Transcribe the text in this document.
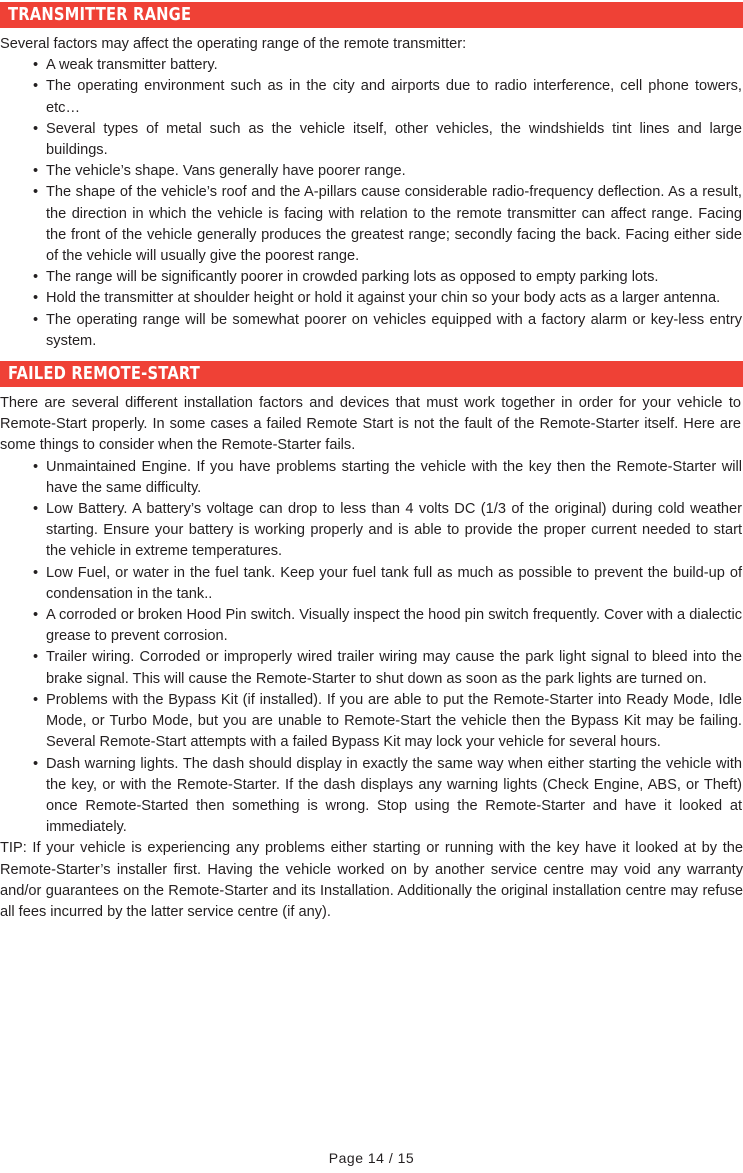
TRANSMITTER RANGE

Several factors may affect the operating range of the remote transmitter:

• A weak transmitter battery.
• The operating environment such as in the city and airports due to radio interference, cell phone towers, etc…
• Several types of metal such as the vehicle itself, other vehicles, the windshields tint lines and large buildings.
• The vehicle’s shape. Vans generally have poorer range.
• The shape of the vehicle’s roof and the A-pillars cause considerable radio-frequency deflection. As a result, the direction in which the vehicle is facing with relation to the remote transmitter can affect range. Facing the front of the vehicle generally produces the greatest range; secondly facing the back. Facing either side of the vehicle will usually give the poorest range.
• The range will be significantly poorer in crowded parking lots as opposed to empty parking lots.
• Hold the transmitter at shoulder height or hold it against your chin so your body acts as a larger antenna.
• The operating range will be somewhat poorer on vehicles equipped with a factory alarm or key-less entry system.
FAILED REMOTE-START

There are several different installation factors and devices that must work together in order for your vehicle to Remote-Start properly. In some cases a failed Remote Start is not the fault of the Remote-Starter itself. Here are some things to consider when the Remote-Starter fails.

• Unmaintained Engine. If you have problems starting the vehicle with the key then the Remote-Starter will have the same difficulty.
• Low Battery. A battery’s voltage can drop to less than 4 volts DC (1/3 of the original) during cold weather starting. Ensure your battery is working properly and is able to provide the proper current needed to start the vehicle in extreme temperatures.
• Low Fuel, or water in the fuel tank. Keep your fuel tank full as much as possible to prevent the build-up of condensation in the tank..
• A corroded or broken Hood Pin switch. Visually inspect the hood pin switch frequently. Cover with a dialectic grease to prevent corrosion.
• Trailer wiring. Corroded or improperly wired trailer wiring may cause the park light signal to bleed into the brake signal. This will cause the Remote-Starter to shut down as soon as the park lights are turned on.
• Problems with the Bypass Kit (if installed). If you are able to put the Remote-Starter into Ready Mode, Idle Mode, or Turbo Mode, but you are unable to Remote-Start the vehicle then the Bypass Kit may be failing. Several Remote-Start attempts with a failed Bypass Kit may lock your vehicle for several hours.
• Dash warning lights. The dash should display in exactly the same way when either starting the vehicle with the key, or with the Remote-Starter. If the dash displays any warning lights (Check Engine, ABS, or Theft) once Remote-Started then something is wrong. Stop using the Remote-Starter and have it looked at immediately.

TIP: If your vehicle is experiencing any problems either starting or running with the key have it looked at by the Remote-Starter’s installer first. Having the vehicle worked on by another service centre may void any warranty and/or guarantees on the Remote-Starter and its Installation. Additionally the original installation centre may refuse all fees incurred by the latter service centre (if any).

Page 14 / 15
